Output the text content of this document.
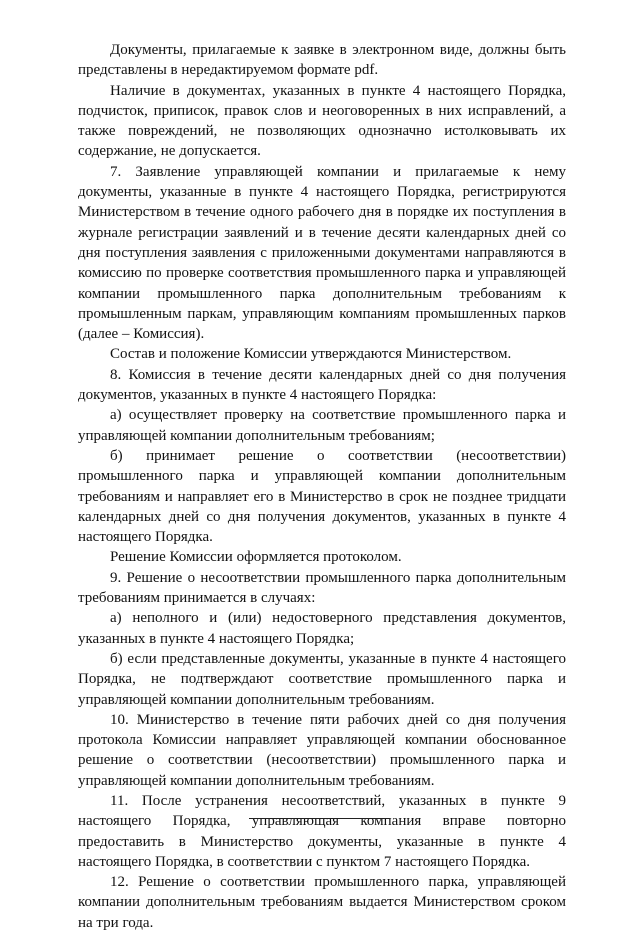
Документы, прилагаемые к заявке в электронном виде, должны быть представлены в нередактируемом формате pdf.

Наличие в документах, указанных в пункте 4 настоящего Порядка, подчисток, приписок, правок слов и неоговоренных в них исправлений, а также повреждений, не позволяющих однозначно истолковывать их содержание, не допускается.

7. Заявление управляющей компании и прилагаемые к нему документы, указанные в пункте 4 настоящего Порядка, регистрируются Министерством в течение одного рабочего дня в порядке их поступления в журнале регистрации заявлений и в течение десяти календарных дней со дня поступления заявления с приложенными документами направляются в комиссию по проверке соответствия промышленного парка и управляющей компании промышленного парка дополнительным требованиям к промышленным паркам, управляющим компаниям промышленных парков (далее – Комиссия).

Состав и положение Комиссии утверждаются Министерством.

8. Комиссия в течение десяти календарных дней со дня получения документов, указанных в пункте 4 настоящего Порядка:

а) осуществляет проверку на соответствие промышленного парка и управляющей компании дополнительным требованиям;

б) принимает решение о соответствии (несоответствии) промышленного парка и управляющей компании дополнительным требованиям и направляет его в Министерство в срок не позднее тридцати календарных дней со дня получения документов, указанных в пункте 4 настоящего Порядка.

Решение Комиссии оформляется протоколом.

9. Решение о несоответствии промышленного парка дополнительным требованиям принимается в случаях:

а) неполного и (или) недостоверного представления документов, указанных в пункте 4 настоящего Порядка;

б) если представленные документы, указанные в пункте 4 настоящего Порядка, не подтверждают соответствие промышленного парка и управляющей компании дополнительным требованиям.

10. Министерство в течение пяти рабочих дней со дня получения протокола Комиссии направляет управляющей компании обоснованное решение о соответствии (несоответствии) промышленного парка и управляющей компании дополнительным требованиям.

11. После устранения несоответствий, указанных в пункте 9 настоящего Порядка, управляющая компания вправе повторно предоставить в Министерство документы, указанные в пункте 4 настоящего Порядка, в соответствии с пунктом 7 настоящего Порядка.

12. Решение о соответствии промышленного парка, управляющей компании дополнительным требованиям выдается Министерством сроком на три года.
